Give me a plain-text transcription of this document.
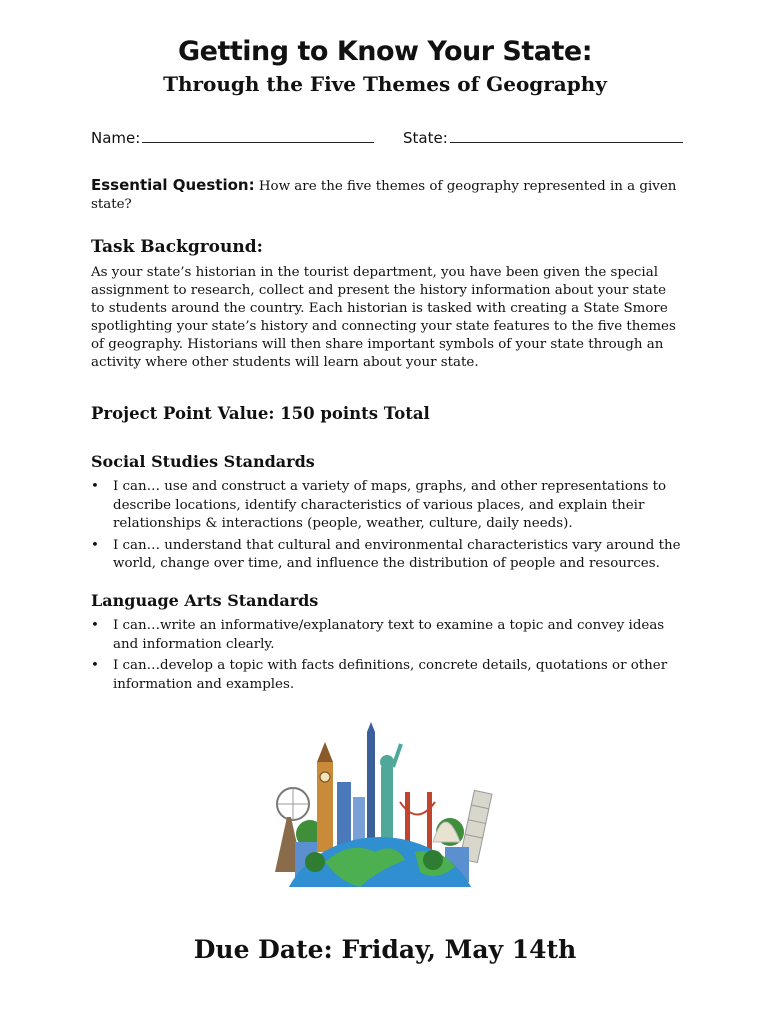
Getting to Know Your State:
Through the Five Themes of Geography
Name:	State:
Essential Question: How are the five themes of geography represented in a given state?
Task Background:
As your state’s historian in the tourist department, you have been given the special assignment to research, collect and present the history information about your state to students around the country. Each historian is tasked with creating a State Smore spotlighting your state’s history and connecting your state features to the five themes of geography. Historians will then share important symbols of your state through an activity where other students will learn about your state.
Project Point Value: 150 points Total
Social Studies Standards
• I can… use and construct a variety of maps, graphs, and other representations to describe locations, identify characteristics of various places, and explain their relationships & interactions (people, weather, culture, daily needs).
• I can… understand that cultural and environmental characteristics vary around the world, change over time, and influence the distribution of people and resources.
Language Arts Standards
• I can…write an informative/explanatory text to examine a topic and convey ideas and information clearly.
• I can…develop a topic with facts definitions, concrete details, quotations or other information and examples.
Due Date: Friday, May 14th
